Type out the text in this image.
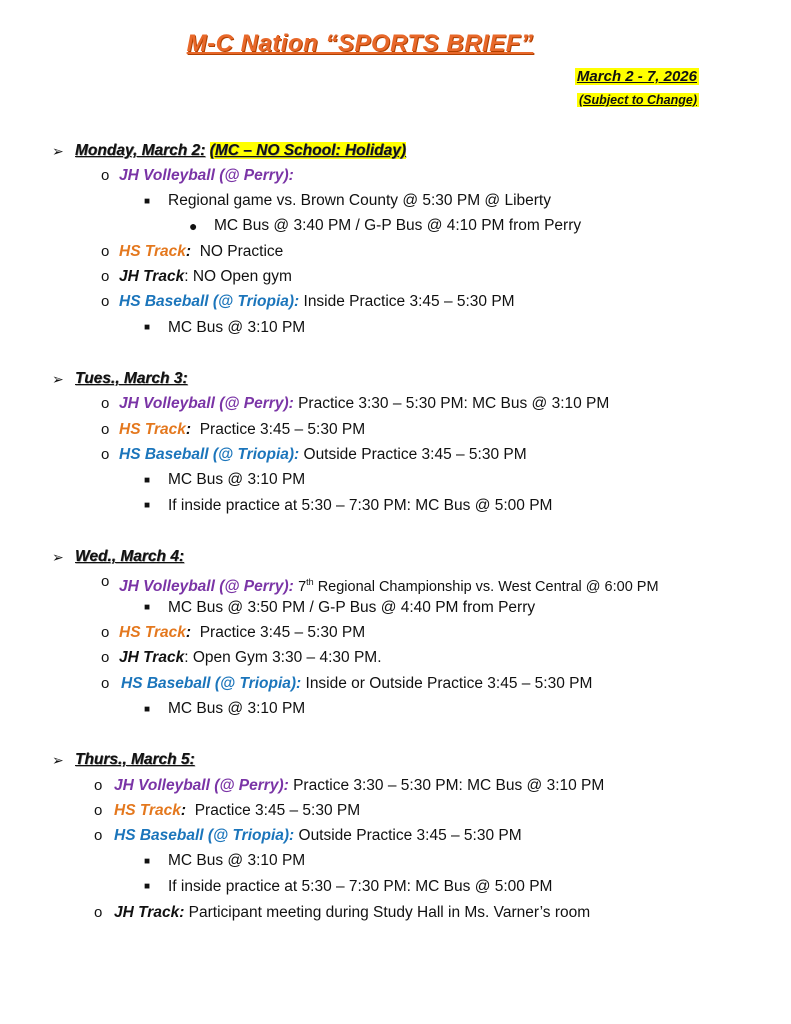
M-C Nation “SPORTS BRIEF”
March 2 - 7, 2026
(Subject to Change)
➢ Monday, March 2: (MC – NO School: Holiday)
o JH Volleyball (@ Perry):
■ Regional game vs. Brown County @ 5:30 PM @ Liberty
● MC Bus @ 3:40 PM / G-P Bus @ 4:10 PM from Perry
o HS Track: NO Practice
o JH Track: NO Open gym
o HS Baseball (@ Triopia): Inside Practice 3:45 – 5:30 PM
■ MC Bus @ 3:10 PM
➢ Tues., March 3:
o JH Volleyball (@ Perry): Practice 3:30 – 5:30 PM: MC Bus @ 3:10 PM
o HS Track: Practice 3:45 – 5:30 PM
o HS Baseball (@ Triopia): Outside Practice 3:45 – 5:30 PM
■ MC Bus @ 3:10 PM
■ If inside practice at 5:30 – 7:30 PM: MC Bus @ 5:00 PM
➢ Wed., March 4:
o JH Volleyball (@ Perry): 7th Regional Championship vs. West Central @ 6:00 PM
■ MC Bus @ 3:50 PM / G-P Bus @ 4:40 PM from Perry
o HS Track: Practice 3:45 – 5:30 PM
o JH Track: Open Gym 3:30 – 4:30 PM.
o HS Baseball (@ Triopia): Inside or Outside Practice 3:45 – 5:30 PM
■ MC Bus @ 3:10 PM
➢ Thurs., March 5:
o JH Volleyball (@ Perry): Practice 3:30 – 5:30 PM: MC Bus @ 3:10 PM
o HS Track: Practice 3:45 – 5:30 PM
o HS Baseball (@ Triopia): Outside Practice 3:45 – 5:30 PM
■ MC Bus @ 3:10 PM
■ If inside practice at 5:30 – 7:30 PM: MC Bus @ 5:00 PM
o JH Track: Participant meeting during Study Hall in Ms. Varner’s room
